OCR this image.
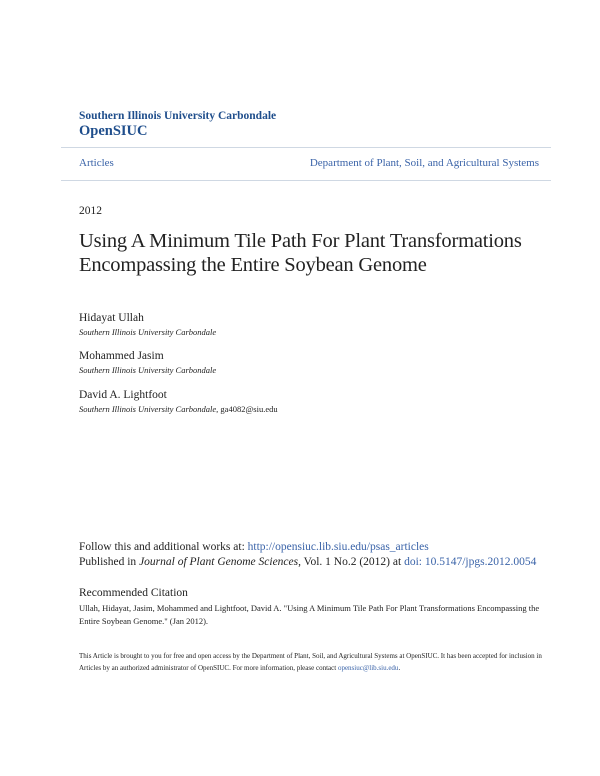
Southern Illinois University Carbondale
OpenSIUC
Articles	Department of Plant, Soil, and Agricultural Systems
2012
Using A Minimum Tile Path For Plant Transformations Encompassing the Entire Soybean Genome
Hidayat Ullah
Southern Illinois University Carbondale
Mohammed Jasim
Southern Illinois University Carbondale
David A. Lightfoot
Southern Illinois University Carbondale, ga4082@siu.edu
Follow this and additional works at: http://opensiuc.lib.siu.edu/psas_articles
Published in Journal of Plant Genome Sciences, Vol. 1 No.2 (2012) at doi: 10.5147/jpgs.2012.0054
Recommended Citation
Ullah, Hidayat, Jasim, Mohammed and Lightfoot, David A. "Using A Minimum Tile Path For Plant Transformations Encompassing the Entire Soybean Genome." (Jan 2012).
This Article is brought to you for free and open access by the Department of Plant, Soil, and Agricultural Systems at OpenSIUC. It has been accepted for inclusion in Articles by an authorized administrator of OpenSIUC. For more information, please contact opensiuc@lib.siu.edu.
